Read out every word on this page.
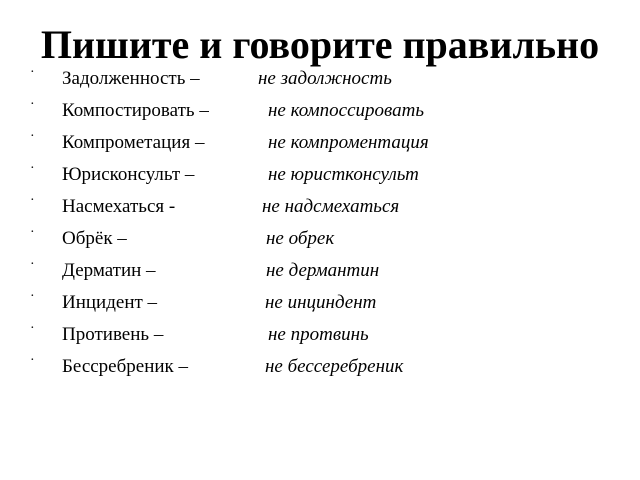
Пишите и говорите правильно
· Задолженность –	не задолжность
· Компостировать –	не компоссировать
· Компрометация –	не компроментация
· Юрисконсульт –	не юристконсульт
· Насмехаться -	не надсмехаться
· Обрёк –	не обрек
· Дерматин –	не дермантин
· Инцидент –	не инциндент
· Противень –	не протвинь
· Бессребреник –	не бессеребреник
